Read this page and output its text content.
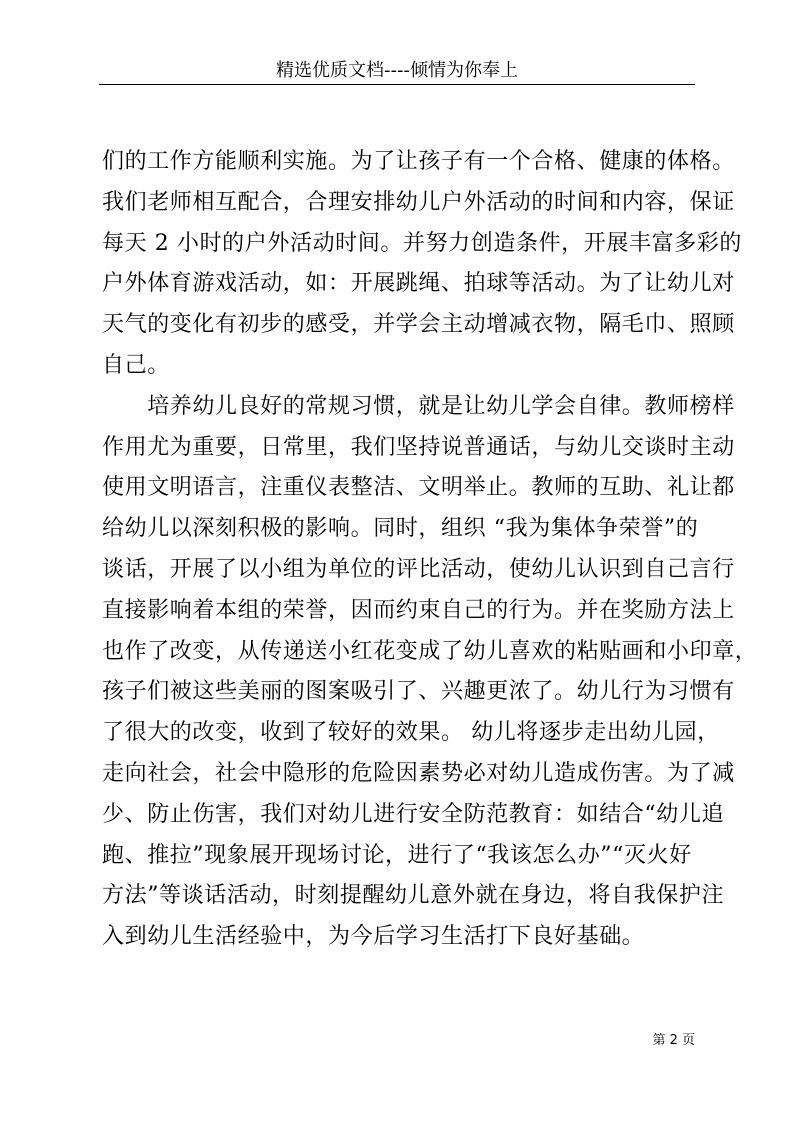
精选优质文档----倾情为你奉上
们的工作方能顺利实施。为了让孩子有一个合格、健康的体格。
我们老师相互配合，合理安排幼儿户外活动的时间和内容，保证
每天 2 小时的户外活动时间。并努力创造条件，开展丰富多彩的
户外体育游戏活动，如：开展跳绳、拍球等活动。为了让幼儿对
天气的变化有初步的感受，并学会主动增减衣物，隔毛巾、照顾
自己。
　　培养幼儿良好的常规习惯，就是让幼儿学会自律。教师榜样
作用尤为重要，日常里，我们坚持说普通话，与幼儿交谈时主动
使用文明语言，注重仪表整洁、文明举止。教师的互助、礼让都
给幼儿以深刻积极的影响。同时，组织 “我为集体争荣誉”的
谈话，开展了以小组为单位的评比活动，使幼儿认识到自己言行
直接影响着本组的荣誉，因而约束自己的行为。并在奖励方法上
也作了改变，从传递送小红花变成了幼儿喜欢的粘贴画和小印章，
孩子们被这些美丽的图案吸引了、兴趣更浓了。幼儿行为习惯有
了很大的改变，收到了较好的效果。 幼儿将逐步走出幼儿园，
走向社会，社会中隐形的危险因素势必对幼儿造成伤害。为了减
少、防止伤害，我们对幼儿进行安全防范教育：如结合“幼儿追
跑、推拉”现象展开现场讨论，进行了“我该怎么办”“灭火好
方法”等谈话活动，时刻提醒幼儿意外就在身边，将自我保护注
入到幼儿生活经验中，为今后学习生活打下良好基础。
第 2 页
